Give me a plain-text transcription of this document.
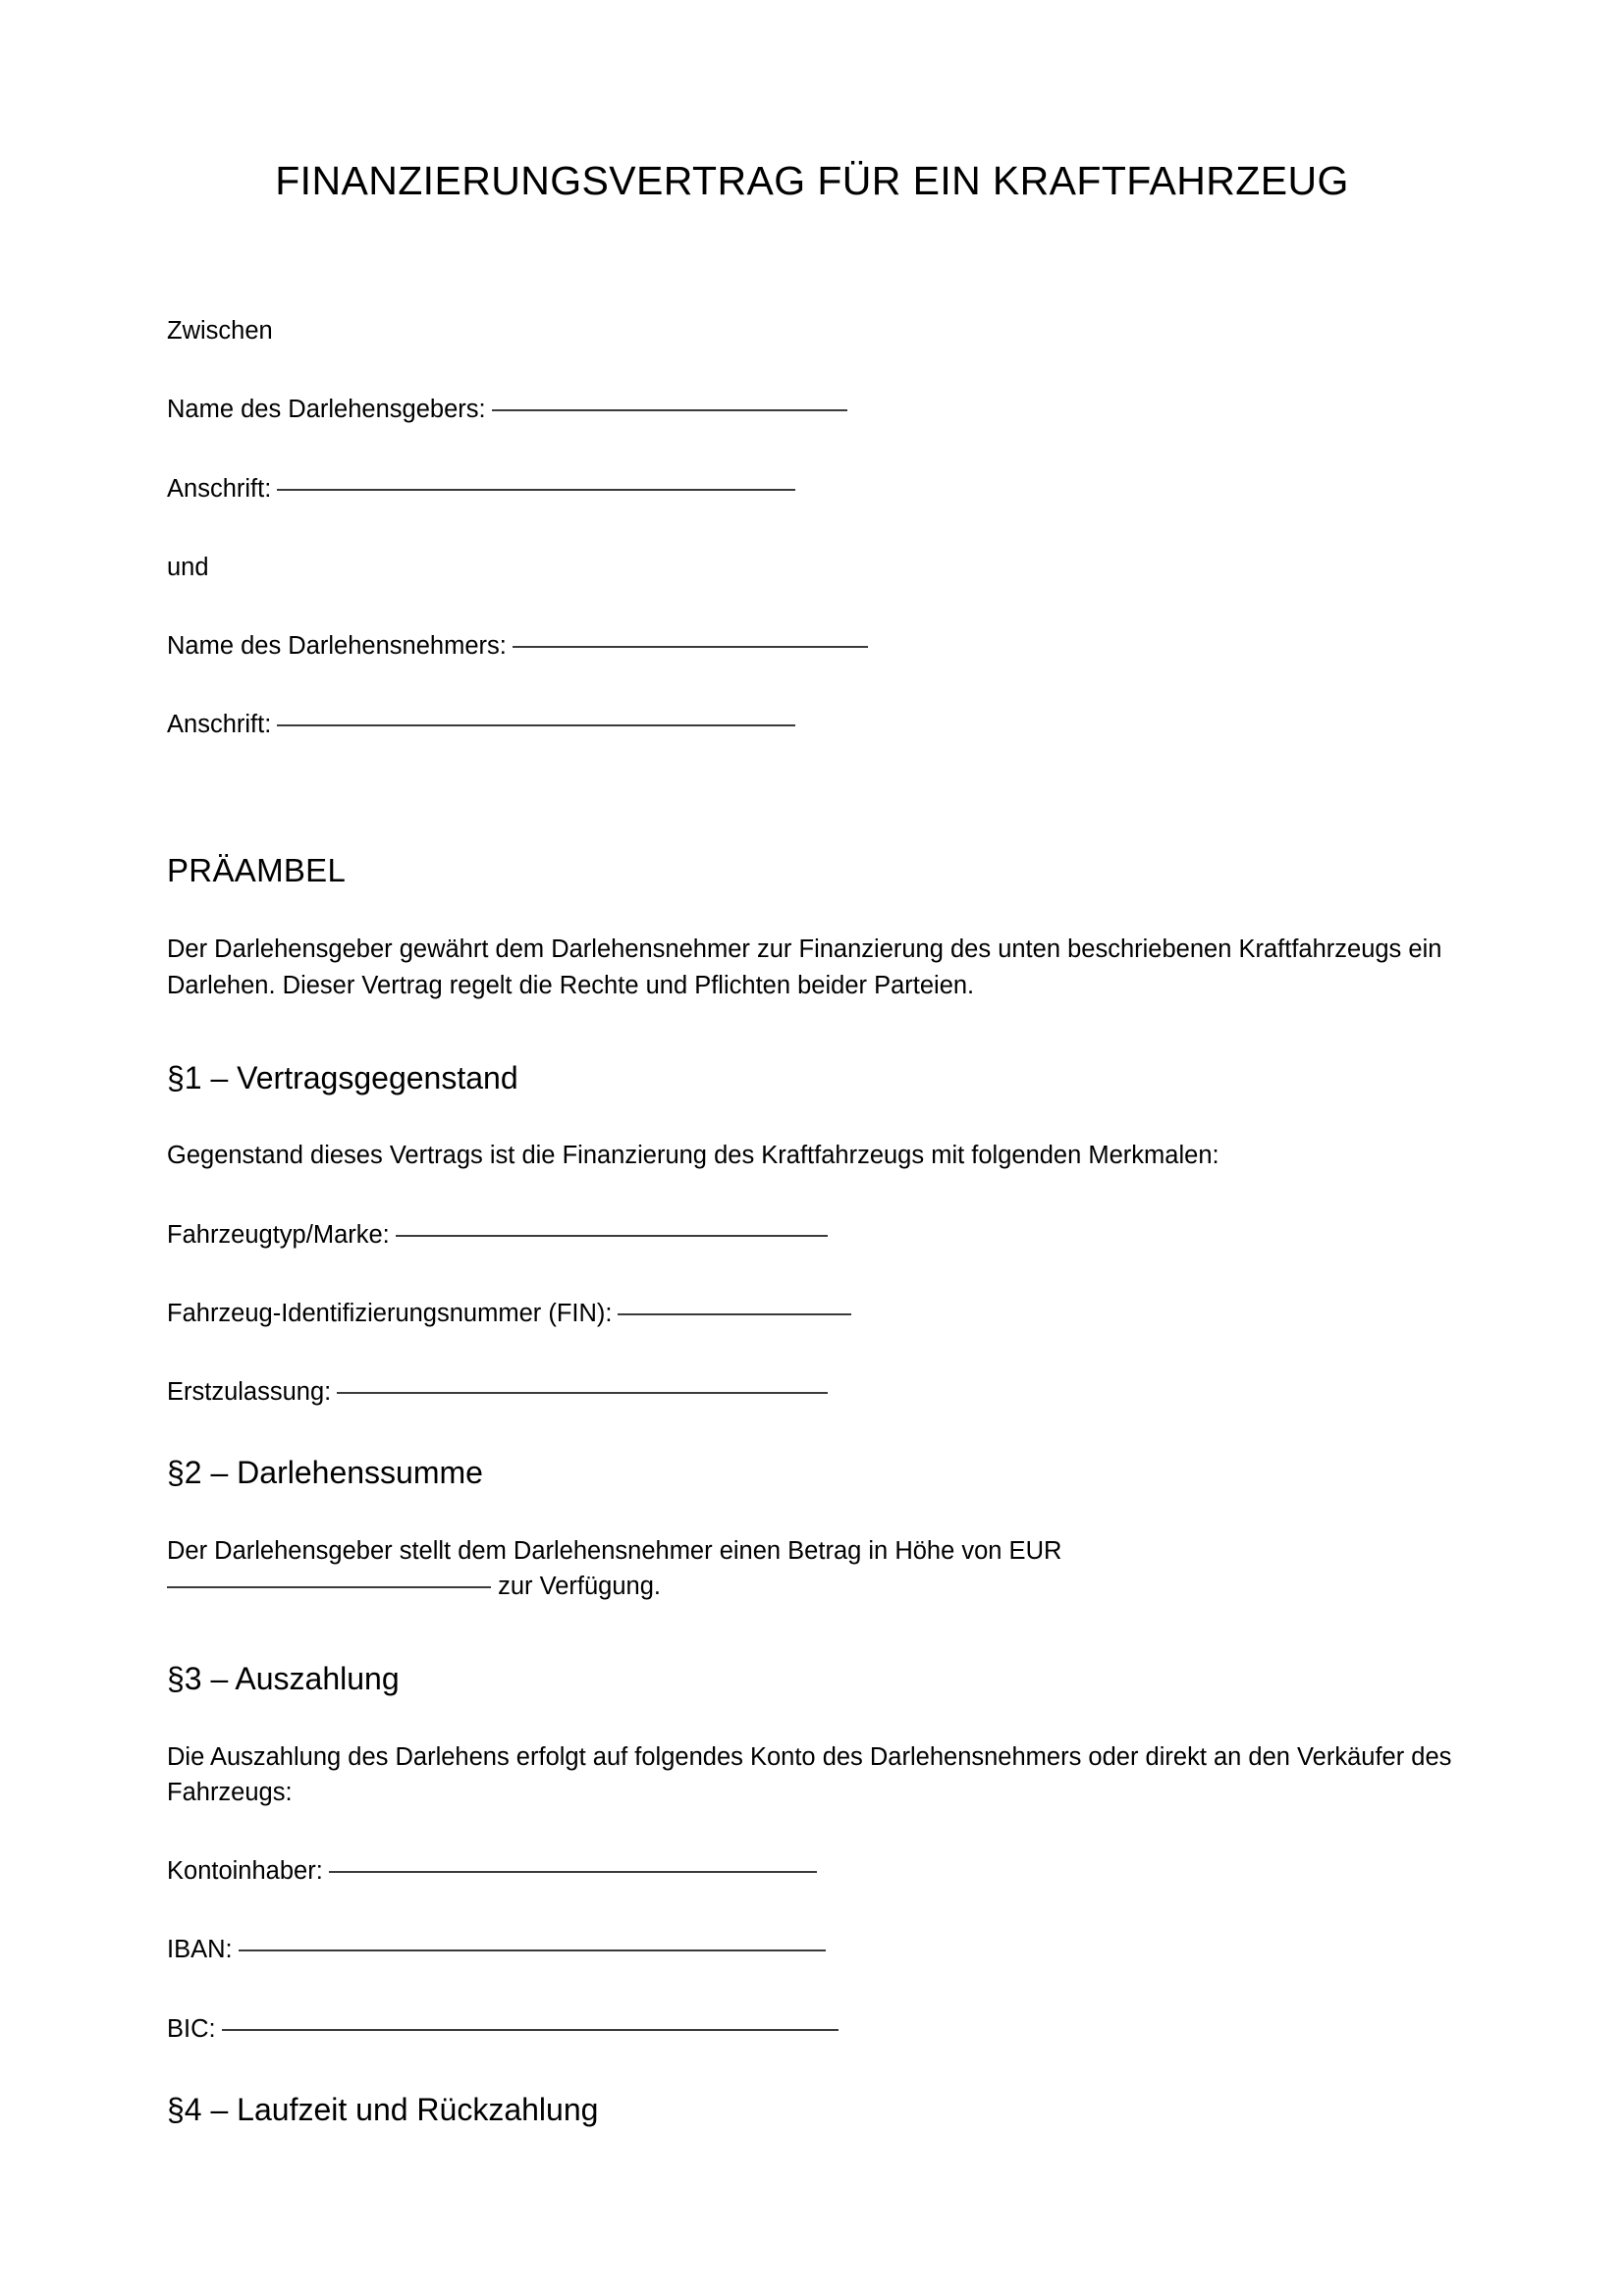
FINANZIERUNGSVERTRAG FÜR EIN KRAFTFAHRZEUG

Zwischen

Name des Darlehensgebers:

Anschrift:

und

Name des Darlehensnehmers:

Anschrift:

PRÄAMBEL

Der Darlehensgeber gewährt dem Darlehensnehmer zur Finanzierung des unten beschriebenen Kraftfahrzeugs ein Darlehen. Dieser Vertrag regelt die Rechte und Pflichten beider Parteien.

§1 – Vertragsgegenstand

Gegenstand dieses Vertrags ist die Finanzierung des Kraftfahrzeugs mit folgenden Merkmalen:

Fahrzeugtyp/Marke:

Fahrzeug-Identifizierungsnummer (FIN):

Erstzulassung:

§2 – Darlehenssumme

Der Darlehensgeber stellt dem Darlehensnehmer einen Betrag in Höhe von EUR
zur Verfügung.

§3 – Auszahlung

Die Auszahlung des Darlehens erfolgt auf folgendes Konto des Darlehensnehmers oder direkt an den Verkäufer des Fahrzeugs:

Kontoinhaber:

IBAN:

BIC:

§4 – Laufzeit und Rückzahlung
